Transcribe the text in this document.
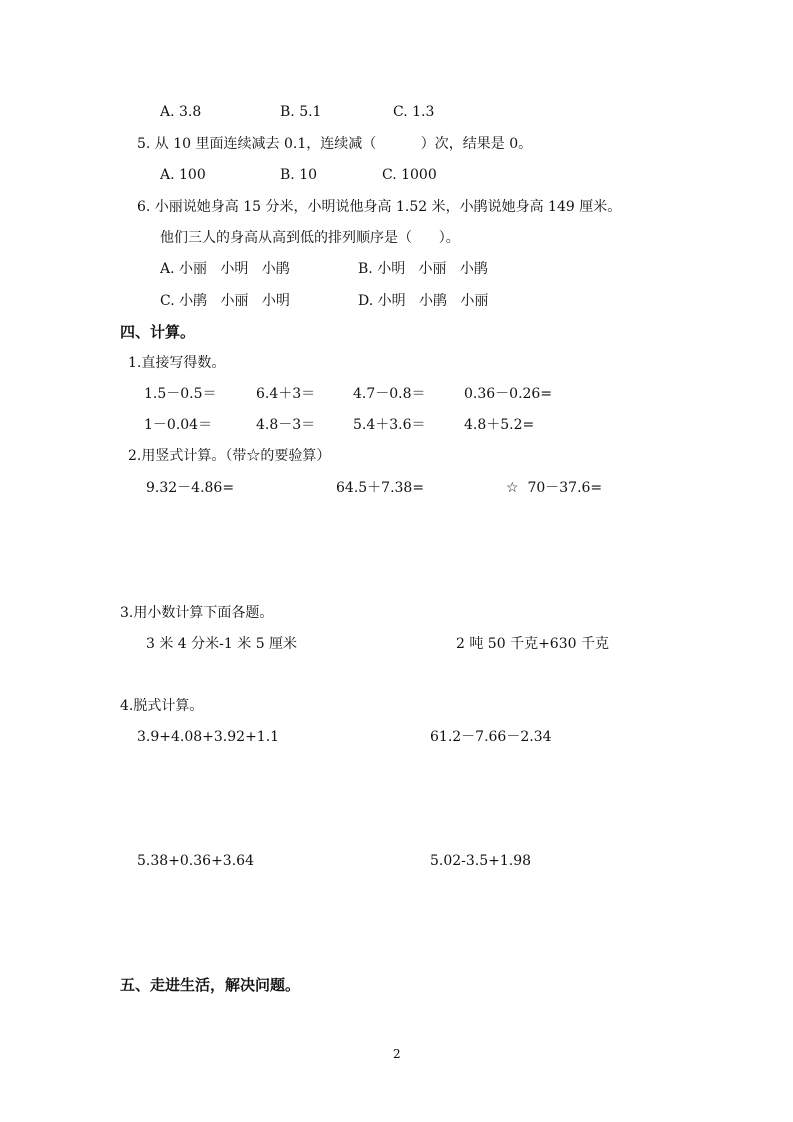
A. 3.8	B. 5.1	C. 1.3
5. 从 10 里面连续减去 0.1，连续减（          ）次，结果是 0。
A. 100	B. 10	C. 1000
6. 小丽说她身高 15 分米，小明说他身高 1.52 米，小鹃说她身高 149 厘米。
他们三人的身高从高到低的排列顺序是（      ）。
A. 小丽   小明   小鹃	B. 小明   小丽   小鹃
C. 小鹃   小丽   小明	D. 小明   小鹃   小丽
四、计算。
1.直接写得数。
1.5－0.5＝	6.4＋3＝	4.7－0.8＝	0.36－0.26=
1－0.04＝	4.8－3＝	5.4＋3.6＝	4.8＋5.2=
2.用竖式计算。（带☆的要验算）
9.32－4.86=	64.5＋7.38=	☆  70－37.6=
3.用小数计算下面各题。
3 米 4 分米-1 米 5 厘米	2 吨 50 千克+630 千克
4.脱式计算。
3.9+4.08+3.92+1.1	61.2－7.66－2.34
5.38+0.36+3.64	5.02-3.5+1.98
五、走进生活，解决问题。
2
